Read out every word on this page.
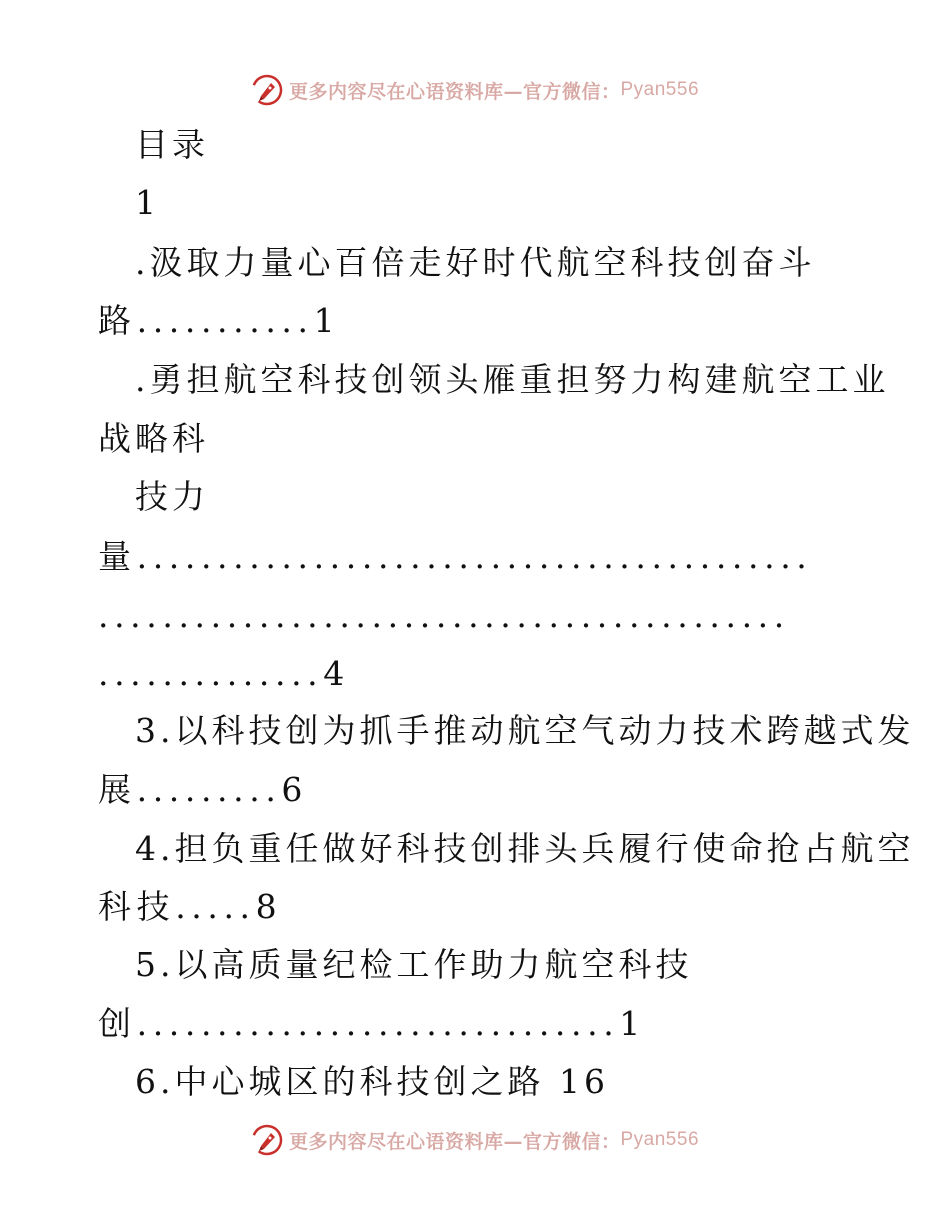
更多内容尽在心语资料库—官方微信： Pyan556
目录
1
.汲取力量心百倍走好时代航空科技创奋斗
路...........1
.勇担航空科技创领头雁重担努力构建航空工业
战略科
技力
量..........................................
...........................................
..............4
3.以科技创为抓手推动航空气动力技术跨越式发
展.........6
4.担负重任做好科技创排头兵履行使命抢占航空
科技.....8
5.以高质量纪检工作助力航空科技
创..............................1
6.中心城区的科技创之路 16
更多内容尽在心语资料库—官方微信： Pyan556
